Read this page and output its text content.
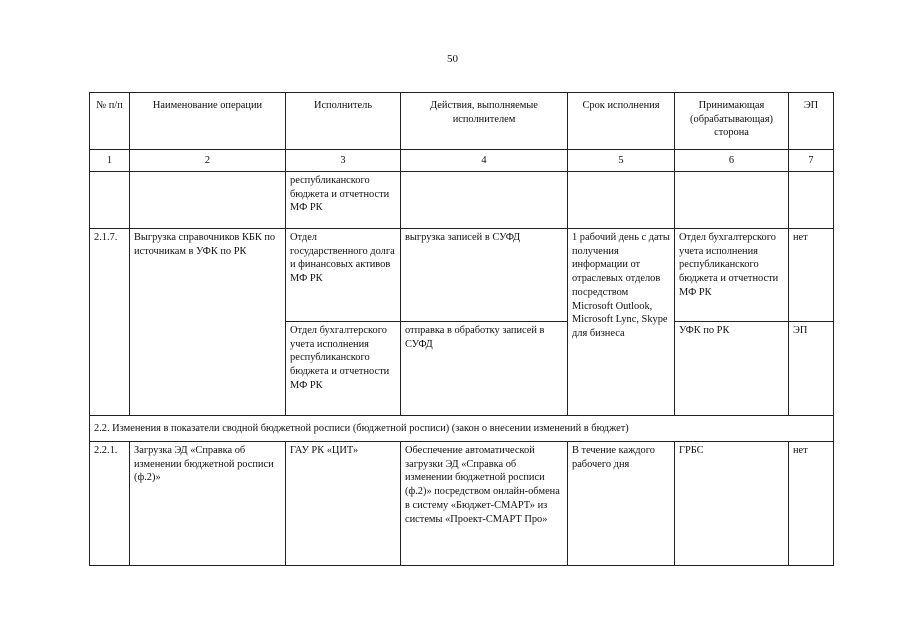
50
№ п/п	Наименование операции	Исполнитель	Действия, выполняемые исполнителем	Срок исполнения	Принимающая (обрабатывающая) сторона	ЭП
1	2	3	4	5	6	7
		республиканского бюджета и отчетности МФ РК				
2.1.7.	Выгрузка справочников КБК по источникам в УФК по РК	Отдел государственного долга и финансовых активов МФ РК	выгрузка записей в СУФД	1 рабочий день с даты получения информации от отраслевых отделов посредством Microsoft Outlook, Microsoft Lync, Skype для бизнеса	Отдел бухгалтерского учета исполнения республиканского бюджета и отчетности МФ РК	нет
		Отдел бухгалтерского учета исполнения республиканского бюджета и отчетности МФ РК	отправка в обработку записей в СУФД		УФК по РК	ЭП
2.2. Изменения в показатели сводной бюджетной росписи (бюджетной росписи) (закон о внесении изменений в бюджет)						
2.2.1.	Загрузка ЭД «Справка об изменении бюджетной росписи (ф.2)»	ГАУ РК «ЦИТ»	Обеспечение автоматической загрузки ЭД «Справка об изменении бюджетной росписи (ф.2)» посредством онлайн-обмена в систему «Бюджет-СМАРТ» из системы «Проект-СМАРТ Про»	В течение каждого рабочего дня	ГРБС	нет
